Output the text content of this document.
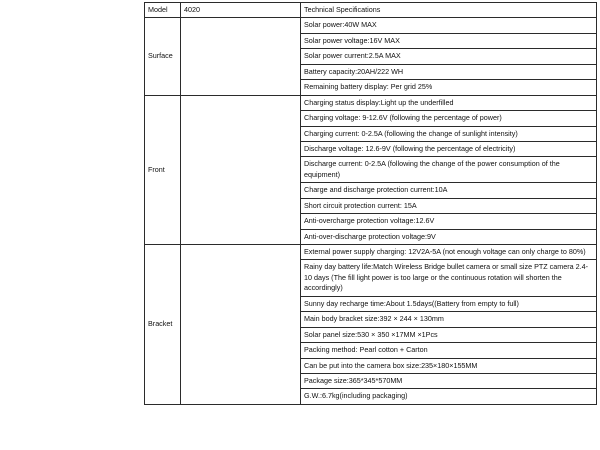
Model	4020	Technical Specifications
Surface		Solar power:40W MAX
		Solar power voltage:16V MAX
		Solar power current:2.5A MAX
		Battery capacity:20AH/222 WH
		Remaining battery display: Per grid 25%
Front		Charging status display:Light up the underfilled
		Charging voltage: 9-12.6V (following the percentage of power)
		Charging current: 0-2.5A (following the change of sunlight intensity)
		Discharge voltage: 12.6-9V (following the percentage of electricity)
		Discharge current: 0-2.5A (following the change of the power consumption of the equipment)
		Charge and discharge protection current:10A
		Short circuit protection current: 15A
		Anti-overcharge protection voltage:12.6V
		Anti-over-discharge protection voltage:9V
Bracket		External power supply charging: 12V2A-5A (not enough voltage can only charge to 80%)
		Rainy day battery life:Match Wireless Bridge bullet camera or small size PTZ camera 2.4-10 days (The fill light power is too large or the continuous rotation will shorten the accordingly)
		Sunny day recharge time:About 1.5days((Battery from empty to full)
		Main body bracket size:392 × 244 × 130mm
		Solar panel size:530 × 350 ×17MM ×1Pcs
		Packing method: Pearl cotton + Carton
		Can be put into the camera box size:235×180×155MM
		Package size:365*345*570MM
		G.W.:6.7kg(including packaging)
